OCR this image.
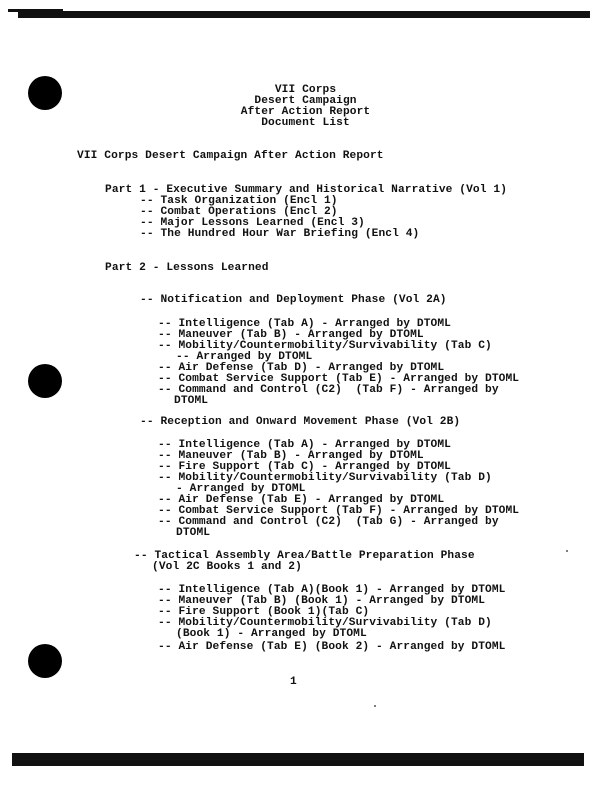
VII Corps
Desert Campaign
After Action Report
Document List
VII Corps Desert Campaign After Action Report
Part 1 - Executive Summary and Historical Narrative (Vol 1)
-- Task Organization (Encl 1)
-- Combat Operations (Encl 2)
-- Major Lessons Learned (Encl 3)
-- The Hundred Hour War Briefing (Encl 4)
Part 2 - Lessons Learned
-- Notification and Deployment Phase (Vol 2A)
-- Intelligence (Tab A) - Arranged by DTOML
-- Maneuver (Tab B) - Arranged by DTOML
-- Mobility/Countermobility/Survivability (Tab C)
-- Arranged by DTOML
-- Air Defense (Tab D) - Arranged by DTOML
-- Combat Service Support (Tab E) - Arranged by DTOML
-- Command and Control (C2)  (Tab F) - Arranged by
DTOML
-- Reception and Onward Movement Phase (Vol 2B)
-- Intelligence (Tab A) - Arranged by DTOML
-- Maneuver (Tab B) - Arranged by DTOML
-- Fire Support (Tab C) - Arranged by DTOML
-- Mobility/Countermobility/Survivability (Tab D)
- Arranged by DTOML
-- Air Defense (Tab E) - Arranged by DTOML
-- Combat Service Support (Tab F) - Arranged by DTOML
-- Command and Control (C2)  (Tab G) - Arranged by
DTOML
-- Tactical Assembly Area/Battle Preparation Phase
(Vol 2C Books 1 and 2)
-- Intelligence (Tab A)(Book 1) - Arranged by DTOML
-- Maneuver (Tab B) (Book 1) - Arranged by DTOML
-- Fire Support (Book 1)(Tab C)
-- Mobility/Countermobility/Survivability (Tab D)
(Book 1) - Arranged by DTOML
-- Air Defense (Tab E) (Book 2) - Arranged by DTOML
1
